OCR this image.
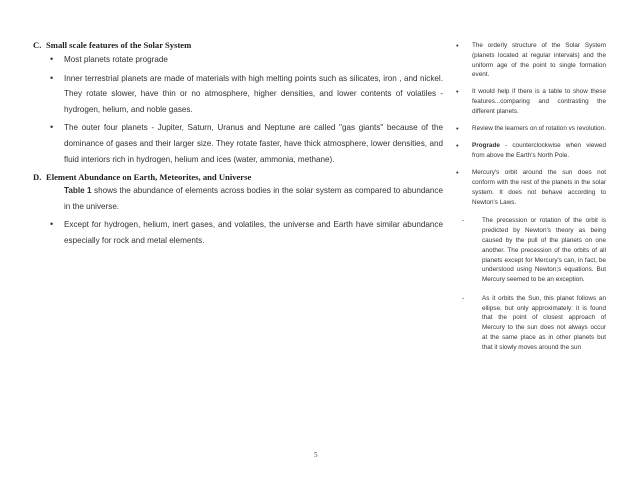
C. Small scale features of the Solar System
• Most planets rotate prograde
• Inner terrestrial planets are made of materials with high melting points such as silicates, iron , and nickel. They rotate slower, have thin or no atmosphere, higher densities, and lower contents of volatiles - hydrogen, helium, and noble gases.
• The outer four planets - Jupiter, Saturn, Uranus and Neptune are called "gas giants" because of the dominance of gases and their larger size. They rotate faster, have thick atmosphere, lower densities, and fluid interiors rich in hydrogen, helium and ices (water, ammonia, methane).
D. Element Abundance on Earth, Meteorites, and Universe
Table 1 shows the abundance of elements across bodies in the solar system as compared to abundance in the universe.
• Except for hydrogen, helium, inert gases, and volatiles, the universe and Earth have similar abundance especially for rock and metal elements.
• The orderly structure of the Solar System (planets located at regular intervals) and the uniform age of the point to single formation event.
• It would help if there is a table to show these features...comparing and contrasting the different planets.
• Review the learners on of rotation vs revolution.
• Prograde - counterclockwise when viewed from above the Earth's North Pole.
• Mercury's orbit around the sun does not conform with the rest of the planets in the solar system. It does not behave according to Newton's Laws.
-	The precession or rotation of the orbit is predicted by Newton's theory as being caused by the pull of the planets on one another. The precession of the orbits of all planets except for Mercury's can, in fact, be understood using Newton;s equations. But Mercury seemed to be an exception.
-	As it orbits the Sun, this planet follows an ellipse, but only approximately: it is found that the point of closest approach of Mercury to the sun does not always occur at the same place as in other planets but that it slowly moves around the sun
5
